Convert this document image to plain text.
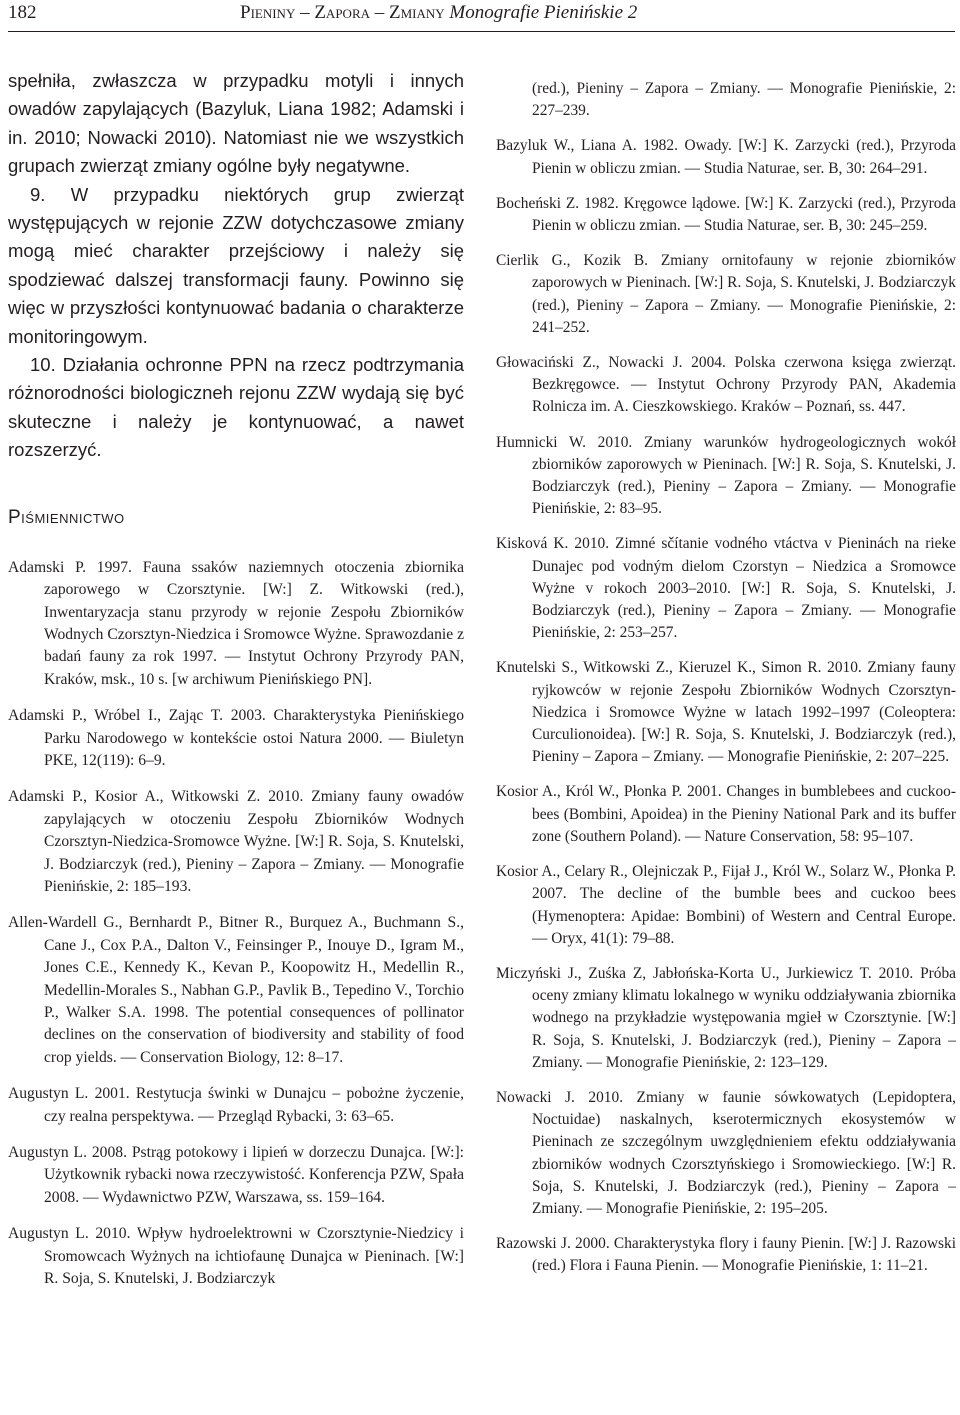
182	Pieniny – Zapora – Zmiany Monografie Pienińskie 2

spełniła, zwłaszcza w przypadku motyli i innych owadów zapylających (Bazyluk, Liana 1982; Adamski i in. 2010; Nowacki 2010). Natomiast nie we wszystkich grupach zwierząt zmiany ogólne były negatywne.

9. W przypadku niektórych grup zwierząt występujących w rejonie ZZW dotychczasowe zmiany mogą mieć charakter przejściowy i należy się spodziewać dalszej transformacji fauny. Powinno się więc w przyszłości kontynuować badania o charakterze monitoringowym.

10. Działania ochronne PPN na rzecz podtrzymania różnorodności biologiczneh rejonu ZZW wydają się być skuteczne i należy je kontynuować, a nawet rozszerzyć.

Piśmiennictwo

Adamski P. 1997. Fauna ssaków naziemnych otoczenia zbiornika zaporowego w Czorsztynie. [W:] Z. Witkowski (red.), Inwentaryzacja stanu przyrody w rejonie Zespołu Zbiorników Wodnych Czorsztyn-Niedzica i Sromowce Wyżne. Sprawozdanie z badań fauny za rok 1997. — Instytut Ochrony Przyrody PAN, Kraków, msk., 10 s. [w archiwum Pienińskiego PN].

Adamski P., Wróbel I., Zając T. 2003. Charakterystyka Pienińskiego Parku Narodowego w kontekście ostoi Natura 2000. — Biuletyn PKE, 12(119): 6–9.

Adamski P., Kosior A., Witkowski Z. 2010. Zmiany fauny owadów zapylających w otoczeniu Zespołu Zbiorników Wodnych Czorsztyn-Niedzica-Sromowce Wyżne. [W:] R. Soja, S. Knutelski, J. Bodziarczyk (red.), Pieniny – Zapora – Zmiany. — Monografie Pienińskie, 2: 185–193.

Allen-Wardell G., Bernhardt P., Bitner R., Burquez A., Buchmann S., Cane J., Cox P.A., Dalton V., Feinsinger P., Inouye D., Igram M., Jones C.E., Kennedy K., Kevan P., Koopowitz H., Medellin R., Medellin-Morales S., Nabhan G.P., Pavlik B., Tepedino V., Torchio P., Walker S.A. 1998. The potential consequences of pollinator declines on the conservation of biodiversity and stability of food crop yields. — Conservation Biology, 12: 8–17.

Augustyn L. 2001. Restytucja świnki w Dunajcu – pobożne życzenie, czy realna perspektywa. — Przegląd Rybacki, 3: 63–65.

Augustyn L. 2008. Pstrąg potokowy i lipień w dorzeczu Dunajca. [W:]: Użytkownik rybacki nowa rzeczywistość. Konferencja PZW, Spała 2008. — Wydawnictwo PZW, Warszawa, ss. 159–164.

Augustyn L. 2010. Wpływ hydroelektrowni w Czorsztynie-Niedzicy i Sromowcach Wyżnych na ichtiofaunę Dunajca w Pieninach. [W:] R. Soja, S. Knutelski, J. Bodziarczyk

(red.), Pieniny – Zapora – Zmiany. — Monografie Pienińskie, 2: 227–239.

Bazyluk W., Liana A. 1982. Owady. [W:] K. Zarzycki (red.), Przyroda Pienin w obliczu zmian. — Studia Naturae, ser. B, 30: 264–291.

Bocheński Z. 1982. Kręgowce lądowe. [W:] K. Zarzycki (red.), Przyroda Pienin w obliczu zmian. — Studia Naturae, ser. B, 30: 245–259.

Cierlik G., Kozik B. Zmiany ornitofauny w rejonie zbiorników zaporowych w Pieninach. [W:] R. Soja, S. Knutelski, J. Bodziarczyk (red.), Pieniny – Zapora – Zmiany. — Monografie Pienińskie, 2: 241–252.

Głowaciński Z., Nowacki J. 2004. Polska czerwona księga zwierząt. Bezkręgowce. — Instytut Ochrony Przyrody PAN, Akademia Rolnicza im. A. Cieszkowskiego. Kraków – Poznań, ss. 447.

Humnicki W. 2010. Zmiany warunków hydrogeologicznych wokół zbiorników zaporowych w Pieninach. [W:] R. Soja, S. Knutelski, J. Bodziarczyk (red.), Pieniny – Zapora – Zmiany. — Monografie Pienińskie, 2: 83–95.

Kisková K. 2010. Zimné sčítanie vodného vtáctva v Pieninách na rieke Dunajec pod vodným dielom Czorstyn – Niedzica a Sromowce Wyżne v rokoch 2003–2010. [W:] R. Soja, S. Knutelski, J. Bodziarczyk (red.), Pieniny – Zapora – Zmiany. — Monografie Pienińskie, 2: 253–257.

Knutelski S., Witkowski Z., Kieruzel K., Simon R. 2010. Zmiany fauny ryjkowców w rejonie Zespołu Zbiorników Wodnych Czorsztyn-Niedzica i Sromowce Wyżne w latach 1992–1997 (Coleoptera: Curculionoidea). [W:] R. Soja, S. Knutelski, J. Bodziarczyk (red.), Pieniny – Zapora – Zmiany. — Monografie Pienińskie, 2: 207–225.

Kosior A., Król W., Płonka P. 2001. Changes in bumblebees and cuckoo-bees (Bombini, Apoidea) in the Pieniny National Park and its buffer zone (Southern Poland). — Nature Conservation, 58: 95–107.

Kosior A., Celary R., Olejniczak P., Fijał J., Król W., Solarz W., Płonka P. 2007. The decline of the bumble bees and cuckoo bees (Hymenoptera: Apidae: Bombini) of Western and Central Europe. — Oryx, 41(1): 79–88.

Miczyński J., Zuśka Z, Jabłońska-Korta U., Jurkiewicz T. 2010. Próba oceny zmiany klimatu lokalnego w wyniku oddziaływania zbiornika wodnego na przykładzie występowania mgieł w Czorsztynie. [W:] R. Soja, S. Knutelski, J. Bodziarczyk (red.), Pieniny – Zapora – Zmiany. — Monografie Pienińskie, 2: 123–129.

Nowacki J. 2010. Zmiany w faunie sówkowatych (Lepidoptera, Noctuidae) naskalnych, kserotermicznych ekosystemów w Pieninach ze szczególnym uwzględnieniem efektu oddziaływania zbiorników wodnych Czorsztyńskiego i Sromowieckiego. [W:] R. Soja, S. Knutelski, J. Bodziarczyk (red.), Pieniny – Zapora – Zmiany. — Monografie Pienińskie, 2: 195–205.

Razowski J. 2000. Charakterystyka flory i fauny Pienin. [W:] J. Razowski (red.) Flora i Fauna Pienin. — Monografie Pienińskie, 1: 11–21.
